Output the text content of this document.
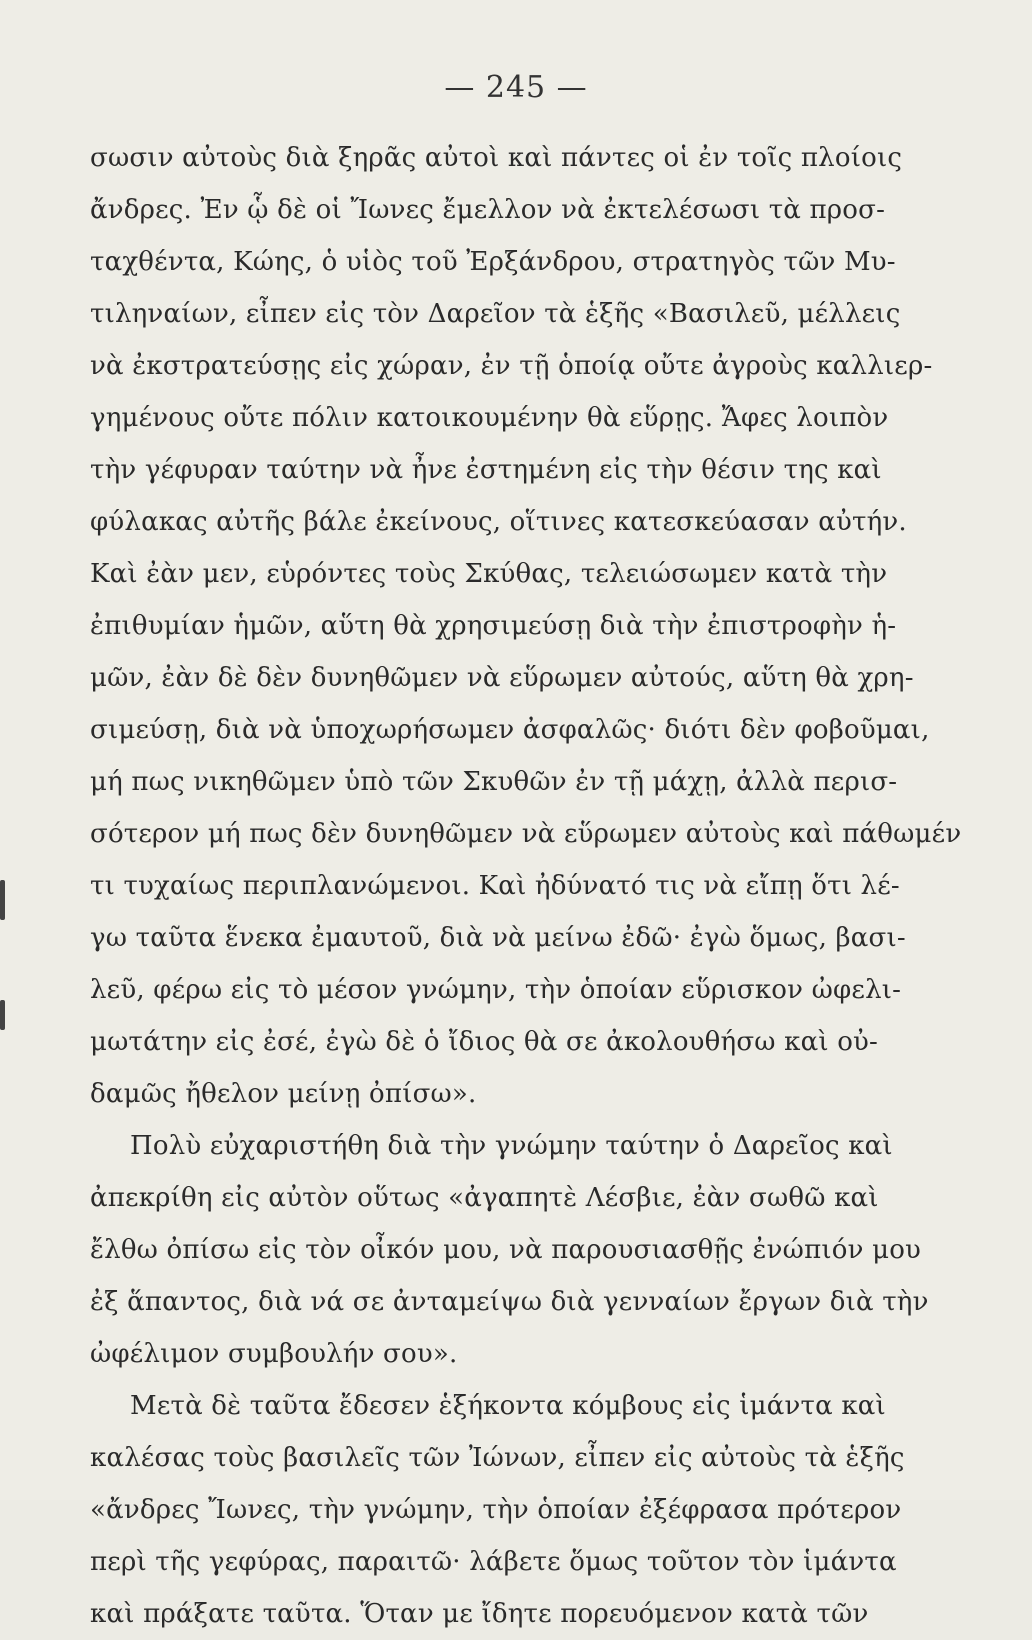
— 245 —
σωσιν αὐτοὺς διὰ ξηρᾶς αὐτοὶ καὶ πάντες οἱ ἐν τοῖς πλοίοις
ἄνδρες. Ἐν ᾧ δὲ οἱ Ἴωνες ἔμελλον νὰ ἐκτελέσωσι τὰ προσ-
ταχθέντα, Κώης, ὁ υἱὸς τοῦ Ἐρξάνδρου, στρατηγὸς τῶν Μυ-
τιληναίων, εἶπεν εἰς τὸν Δαρεῖον τὰ ἑξῆς «Βασιλεῦ, μέλλεις
νὰ ἐκστρατεύσῃς εἰς χώραν, ἐν τῇ ὁποίᾳ οὔτε ἀγροὺς καλλιερ-
γημένους οὔτε πόλιν κατοικουμένην θὰ εὕρῃς. Ἄφες λοιπὸν
τὴν γέφυραν ταύτην νὰ ἦνε ἐστημένη εἰς τὴν θέσιν της καὶ
φύλακας αὐτῆς βάλε ἐκείνους, οἵτινες κατεσκεύασαν αὐτήν.
Καὶ ἐὰν μεν, εὑρόντες τοὺς Σκύθας, τελειώσωμεν κατὰ τὴν
ἐπιθυμίαν ἡμῶν, αὕτη θὰ χρησιμεύσῃ διὰ τὴν ἐπιστροφὴν ἡ-
μῶν, ἐὰν δὲ δὲν δυνηθῶμεν νὰ εὕρωμεν αὐτούς, αὕτη θὰ χρη-
σιμεύσῃ, διὰ νὰ ὑποχωρήσωμεν ἀσφαλῶς· διότι δὲν φοβοῦμαι,
μή πως νικηθῶμεν ὑπὸ τῶν Σκυθῶν ἐν τῇ μάχῃ, ἀλλὰ περισ-
σότερον μή πως δὲν δυνηθῶμεν νὰ εὕρωμεν αὐτοὺς καὶ πάθωμέν
τι τυχαίως περιπλανώμενοι. Καὶ ἠδύνατό τις νὰ εἴπῃ ὅτι λέ-
γω ταῦτα ἕνεκα ἐμαυτοῦ, διὰ νὰ μείνω ἐδῶ· ἐγὼ ὅμως, βασι-
λεῦ, φέρω εἰς τὸ μέσον γνώμην, τὴν ὁποίαν εὕρισκον ὠφελι-
μωτάτην εἰς ἐσέ, ἐγὼ δὲ ὁ ἴδιος θὰ σε ἀκολουθήσω καὶ οὐ-
δαμῶς ἤθελον μείνῃ ὀπίσω».
Πολὺ εὐχαριστήθη διὰ τὴν γνώμην ταύτην ὁ Δαρεῖος καὶ
ἀπεκρίθη εἰς αὐτὸν οὕτως «ἀγαπητὲ Λέσβιε, ἐὰν σωθῶ καὶ
ἔλθω ὀπίσω εἰς τὸν οἶκόν μου, νὰ παρουσιασθῇς ἐνώπιόν μου
ἐξ ἅπαντος, διὰ νά σε ἀνταμείψω διὰ γενναίων ἔργων διὰ τὴν
ὠφέλιμον συμβουλήν σου».
Μετὰ δὲ ταῦτα ἔδεσεν ἑξήκοντα κόμβους εἰς ἱμάντα καὶ
καλέσας τοὺς βασιλεῖς τῶν Ἰώνων, εἶπεν εἰς αὐτοὺς τὰ ἑξῆς
«ἄνδρες Ἴωνες, τὴν γνώμην, τὴν ὁποίαν ἐξέφρασα πρότερον
περὶ τῆς γεφύρας, παραιτῶ· λάβετε ὅμως τοῦτον τὸν ἱμάντα
καὶ πράξατε ταῦτα. Ὅταν με ἴδητε πορευόμενον κατὰ τῶν
